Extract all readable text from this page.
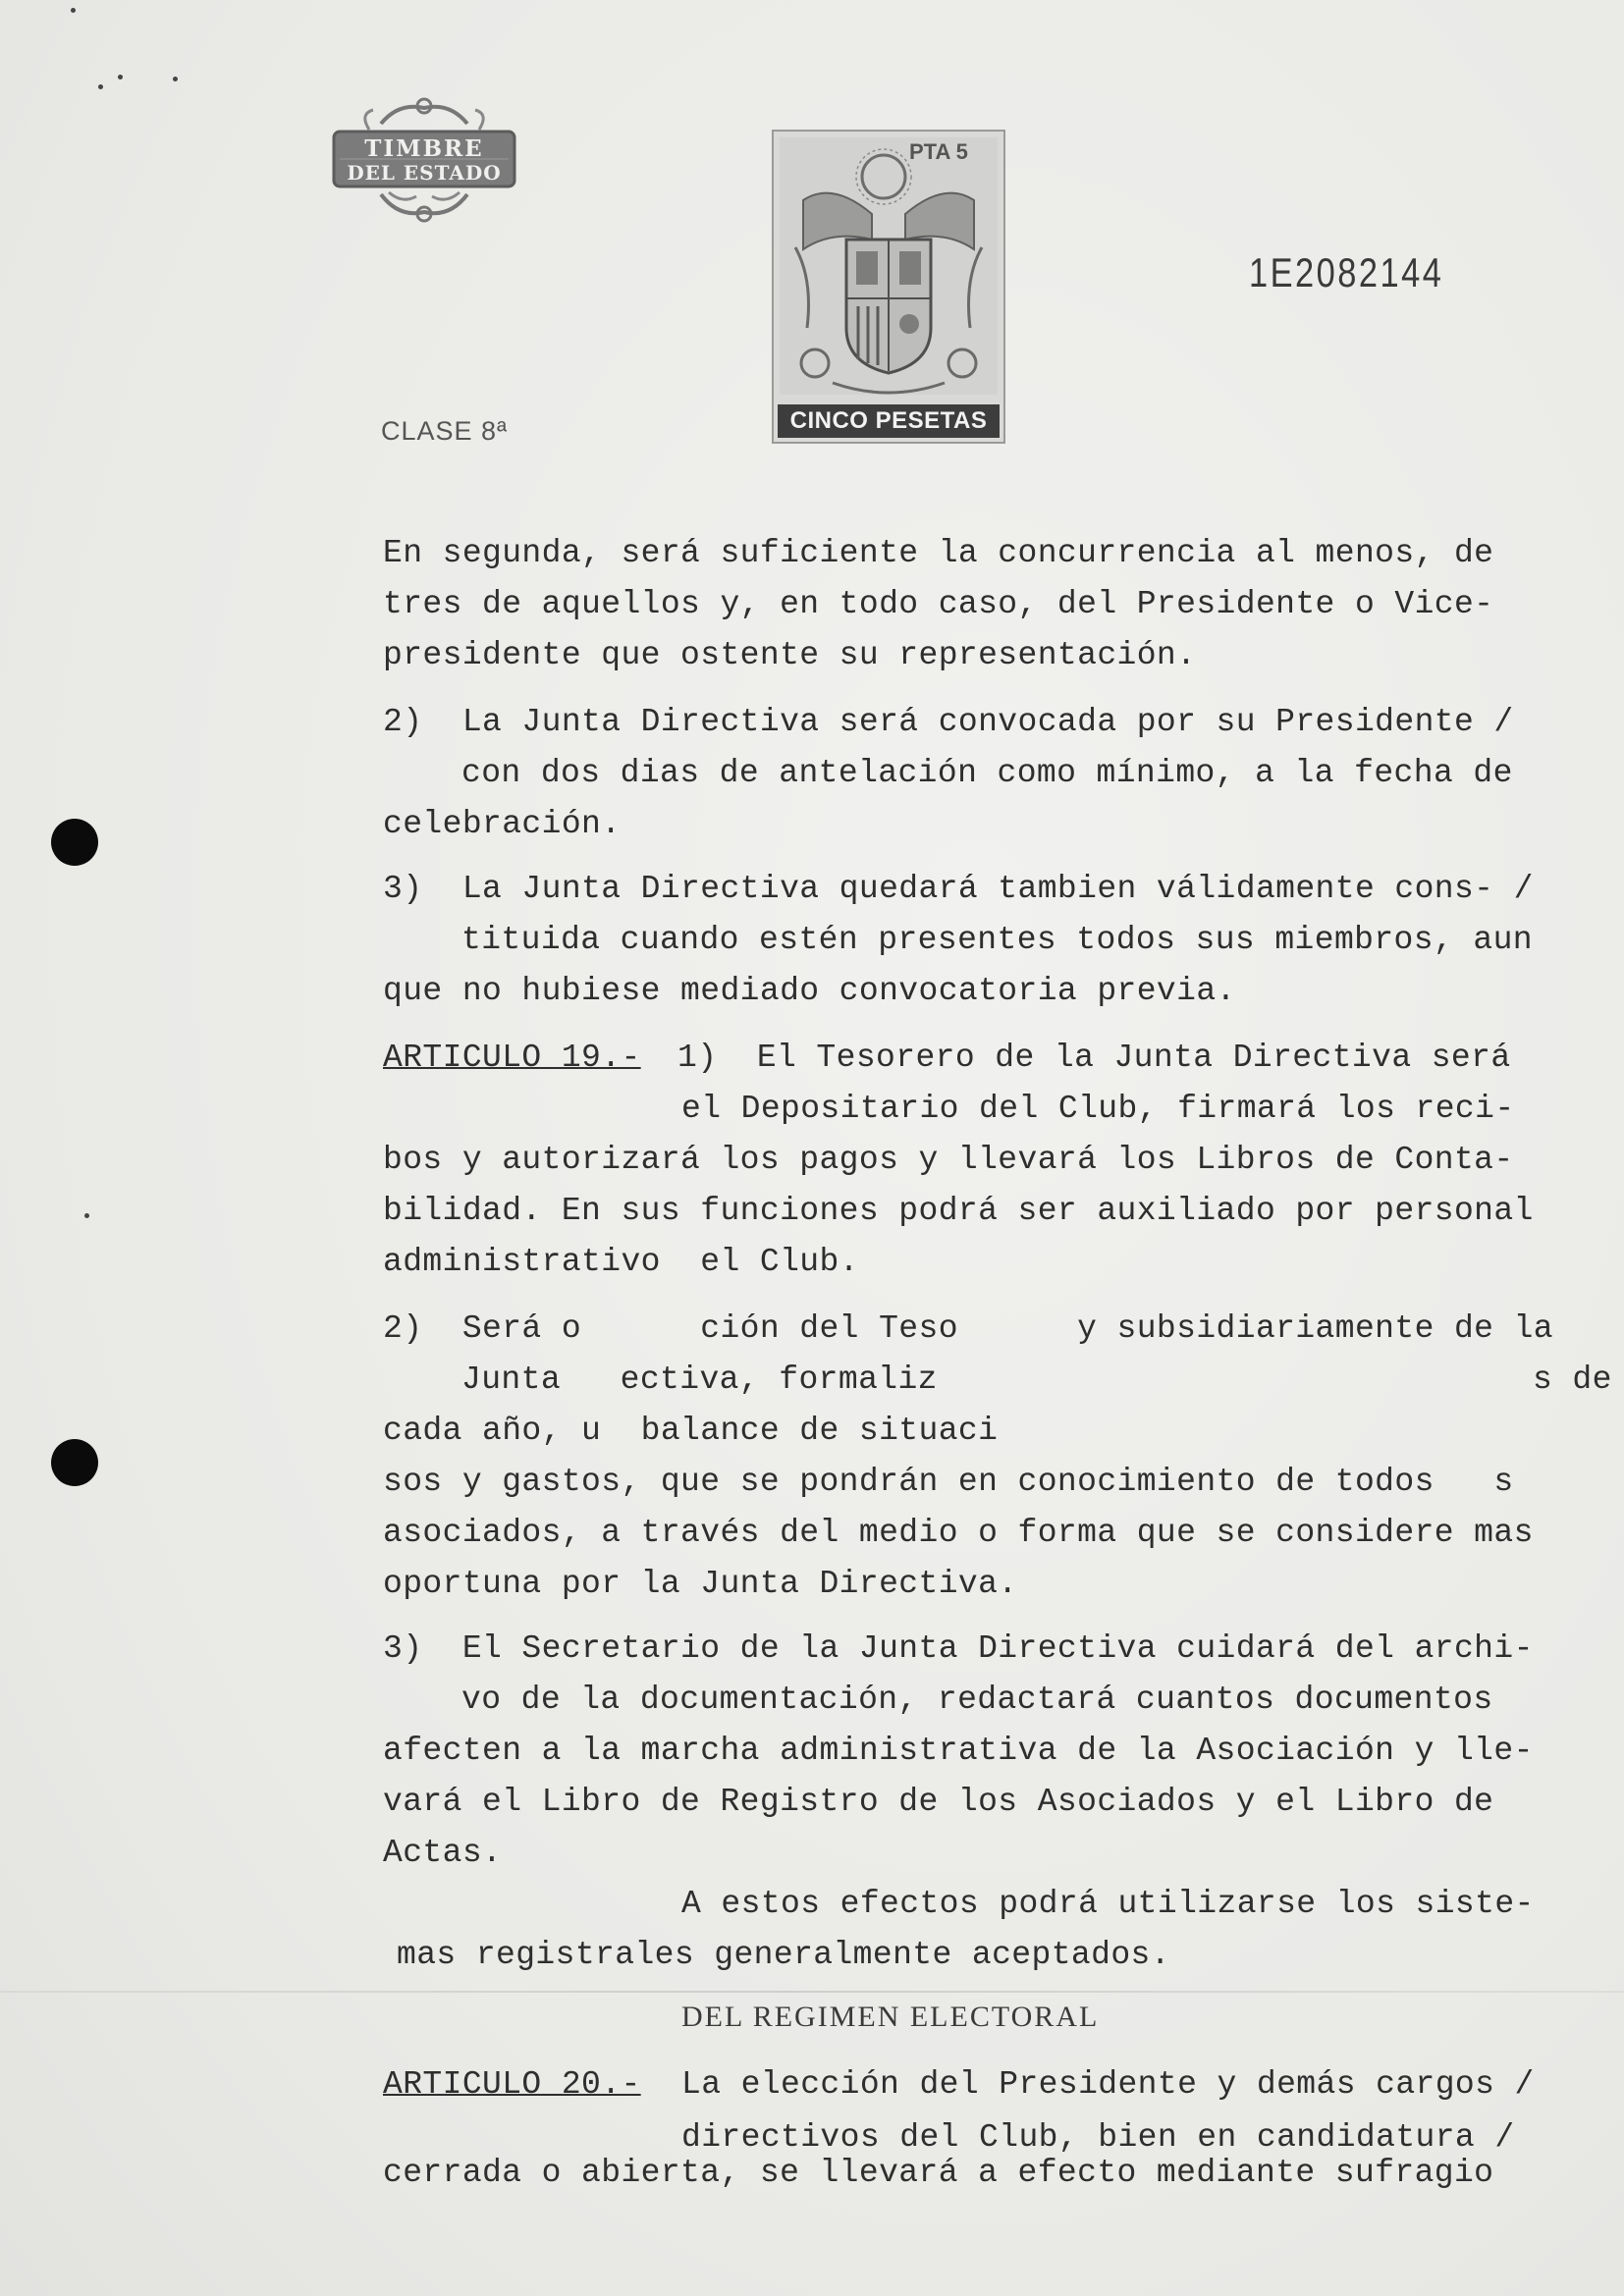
TIMBRE
DEL ESTADO
PTA 5
CINCO PESETAS
1E2082144
CLASE 8ª
En segunda, será suficiente la concurrencia al menos, de
tres de aquellos y, en todo caso, del Presidente o Vice-
presidente que ostente su representación.
2)  La Junta Directiva será convocada por su Presidente /
con dos dias de antelación como mínimo, a la fecha de
celebración.
3)  La Junta Directiva quedará tambien válidamente cons- /
tituida cuando estén presentes todos sus miembros, aun
que no hubiese mediado convocatoria previa.
ARTICULO 19.- 1)  El Tesorero de la Junta Directiva será
el Depositario del Club, firmará los reci-
bos y autorizará los pagos y llevará los Libros de Conta-
bilidad. En sus funciones podrá ser auxiliado por personal
administrativo  el Club.
2)  Será o      ción del Teso      y subsidiariamente de la
Junta   ectiva, formaliz                              s de
cada año, u  balance de situaci
sos y gastos, que se pondrán en conocimiento de todos   s
asociados, a través del medio o forma que se considere mas
oportuna por la Junta Directiva.
3)  El Secretario de la Junta Directiva cuidará del archi-
vo de la documentación, redactará cuantos documentos
afecten a la marcha administrativa de la Asociación y lle-
vará el Libro de Registro de los Asociados y el Libro de
Actas.
A estos efectos podrá utilizarse los siste-
mas registrales generalmente aceptados.
DEL REGIMEN ELECTORAL
ARTICULO 20.- La elección del Presidente y demás cargos /
directivos del Club, bien en candidatura /
cerrada o abierta, se llevará a efecto mediante sufragio
